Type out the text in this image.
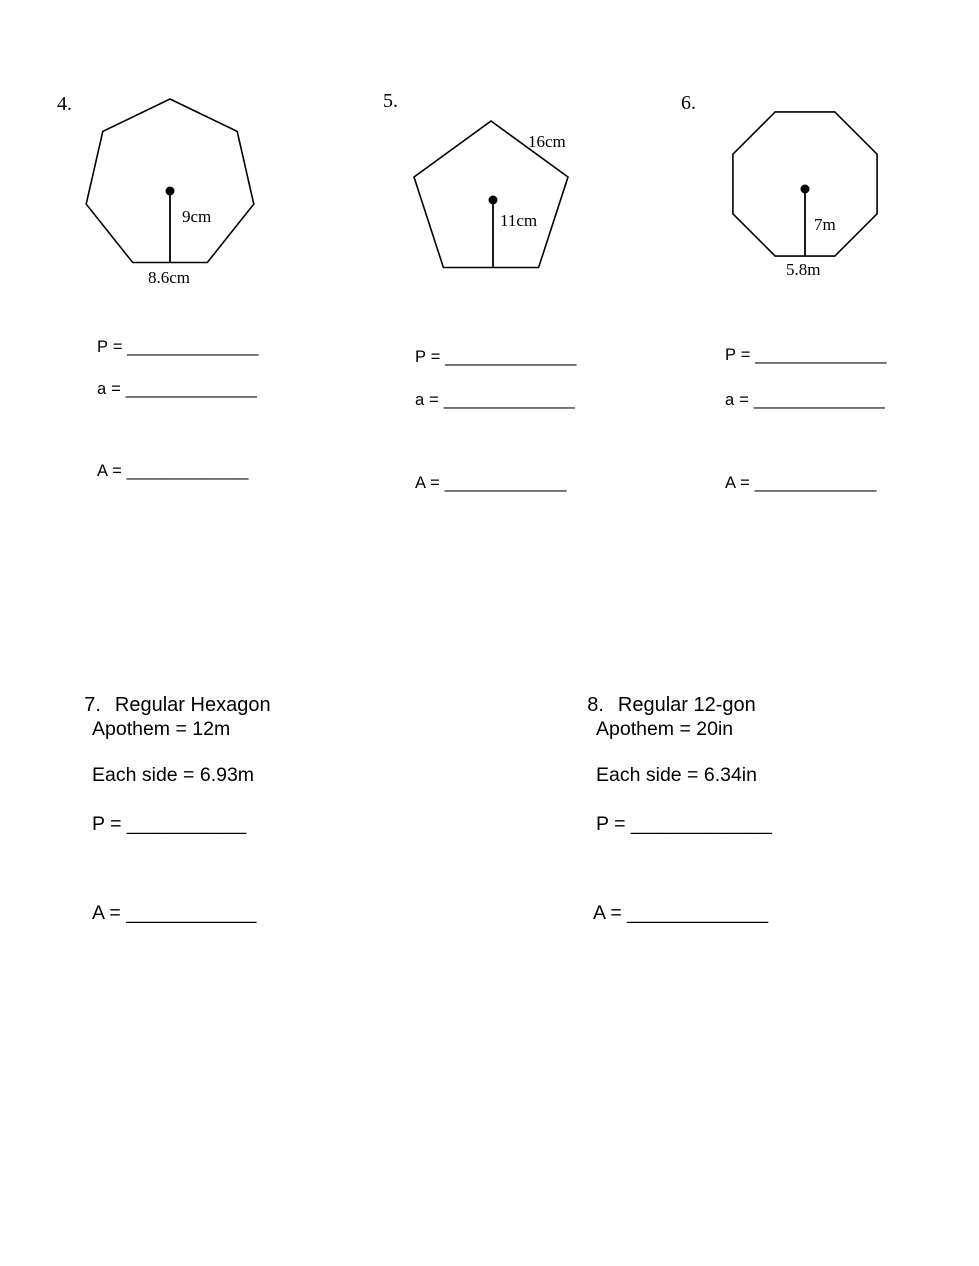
4.
9cm
8.6cm
P = ______________
a = ______________
A = _____________
5.
16cm
11cm
P = ______________
a = ______________
A = _____________
6.
7m
5.8m
P = ______________
a = ______________
A = _____________

7. Regular Hexagon

Apothem = 12m
Each side = 6.93m
P = ___________
A = ____________

8. Regular 12-gon

Apothem = 20in
Each side = 6.34in
P = _____________
A = _____________
